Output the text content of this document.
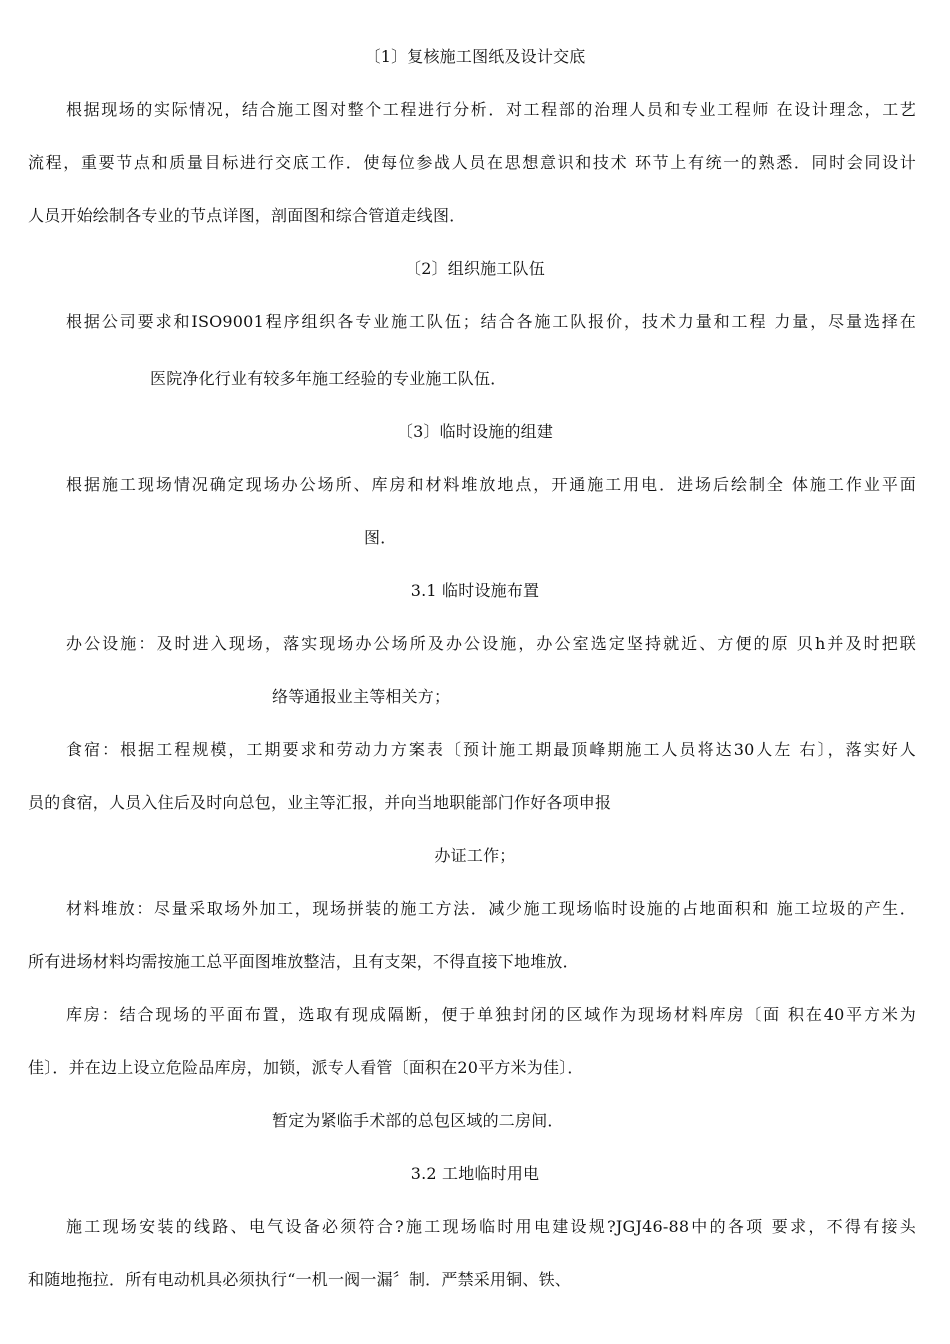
〔1〕复核施工图纸及设计交底
根据现场的实际情况，结合施工图对整个工程进行分析．对工程部的治理人员和专业工程师 在设计理念，工艺
流程，重要节点和质量目标进行交底工作．使每位参战人员在思想意识和技术 环节上有统一的熟悉．同时会同设计
人员开始绘制各专业的节点详图，剖面图和综合管道走线图．
〔2〕组织施工队伍
根据公司要求和ISO9001程序组织各专业施工队伍；结合各施工队报价，技术力量和工程 力量，尽量选择在
医院净化行业有较多年施工经验的专业施工队伍．
〔3〕临时设施的组建
根据施工现场情况确定现场办公场所、库房和材料堆放地点，开通施工用电．进场后绘制全 体施工作业平面
图．
3.1 临时设施布置
办公设施：及时进入现场，落实现场办公场所及办公设施，办公室选定坚持就近、方便的原 贝h并及时把联
络等通报业主等相关方；
食宿：根据工程规模，工期要求和劳动力方案表〔预计施工期最顶峰期施工人员将达30人左 右〕，落实好人
员的食宿，人员入住后及时向总包，业主等汇报，并向当地职能部门作好各项申报
办证工作；
材料堆放：尽量采取场外加工，现场拼装的施工方法．减少施工现场临时设施的占地面积和 施工垃圾的产生．
所有进场材料均需按施工总平面图堆放整洁，且有支架，不得直接下地堆放．
库房：结合现场的平面布置，选取有现成隔断，便于单独封闭的区域作为现场材料库房〔面 积在40平方米为
佳〕．并在边上设立危险品库房，加锁，派专人看管〔面积在20平方米为佳〕．
暂定为紧临手术部的总包区域的二房间．
3.2 工地临时用电
施工现场安装的线路、电气设备必须符合?施工现场临时用电建设规?JGJ46-88中的各项 要求，不得有接头
和随地拖拉．所有电动机具必须执行“一机一阀一漏〞制．严禁采用铜、铁、
